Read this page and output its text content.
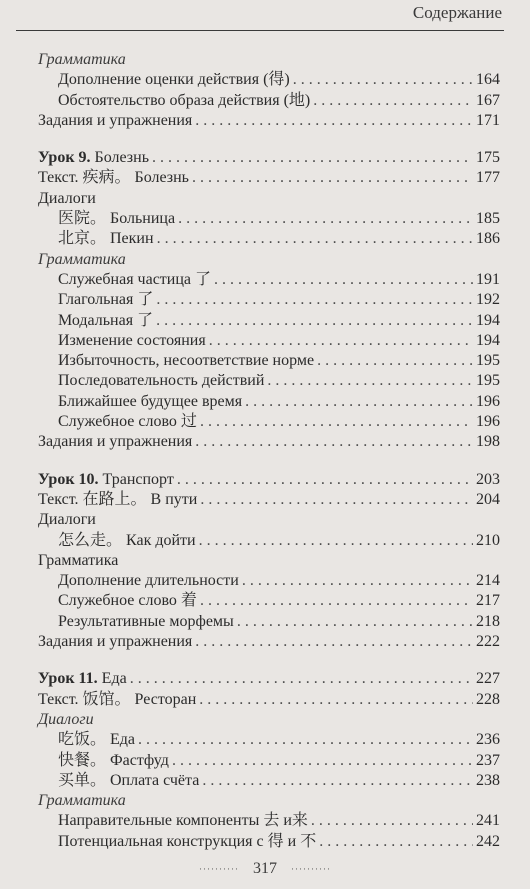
Содержание
Грамматика
Дополнение оценки действия (得) . . .	164
Обстоятельство образа действия (地) . . .	167
Задания и упражнения . . .	171
Урок 9. Болезнь . . .	175
Текст. 疾病。 Болезнь . . .	177
Диалоги
医院。 Больница . . .	185
北京。 Пекин . . .	186
Грамматика
Служебная частица 了 . . .	191
Глагольная 了 . . .	192
Модальная 了 . . .	194
Изменение состояния . . .	194
Избыточность, несоответствие норме . . .	195
Последовательность действий . . .	195
Ближайшее будущее время . . .	196
Служебное слово 过 . . .	196
Задания и упражнения . . .	198
Урок 10. Транспорт . . .	203
Текст. 在路上。 В пути . . .	204
Диалоги
怎么走。 Как дойти . . .	210
Грамматика
Дополнение длительности . . .	214
Служебное слово 着 . . .	217
Результативные морфемы . . .	218
Задания и упражнения . . .	222
Урок 11. Еда . . .	227
Текст. 饭馆。 Ресторан . . .	228
Диалоги
吃饭。 Еда . . .	236
快餐。 Фастфуд . . .	237
买单。 Оплата счёта . . .	238
Грамматика
Направительные компоненты 去 и来 . . .	241
Потенциальная конструкция с 得 и 不 . . .	242
·········· 317 ··········
